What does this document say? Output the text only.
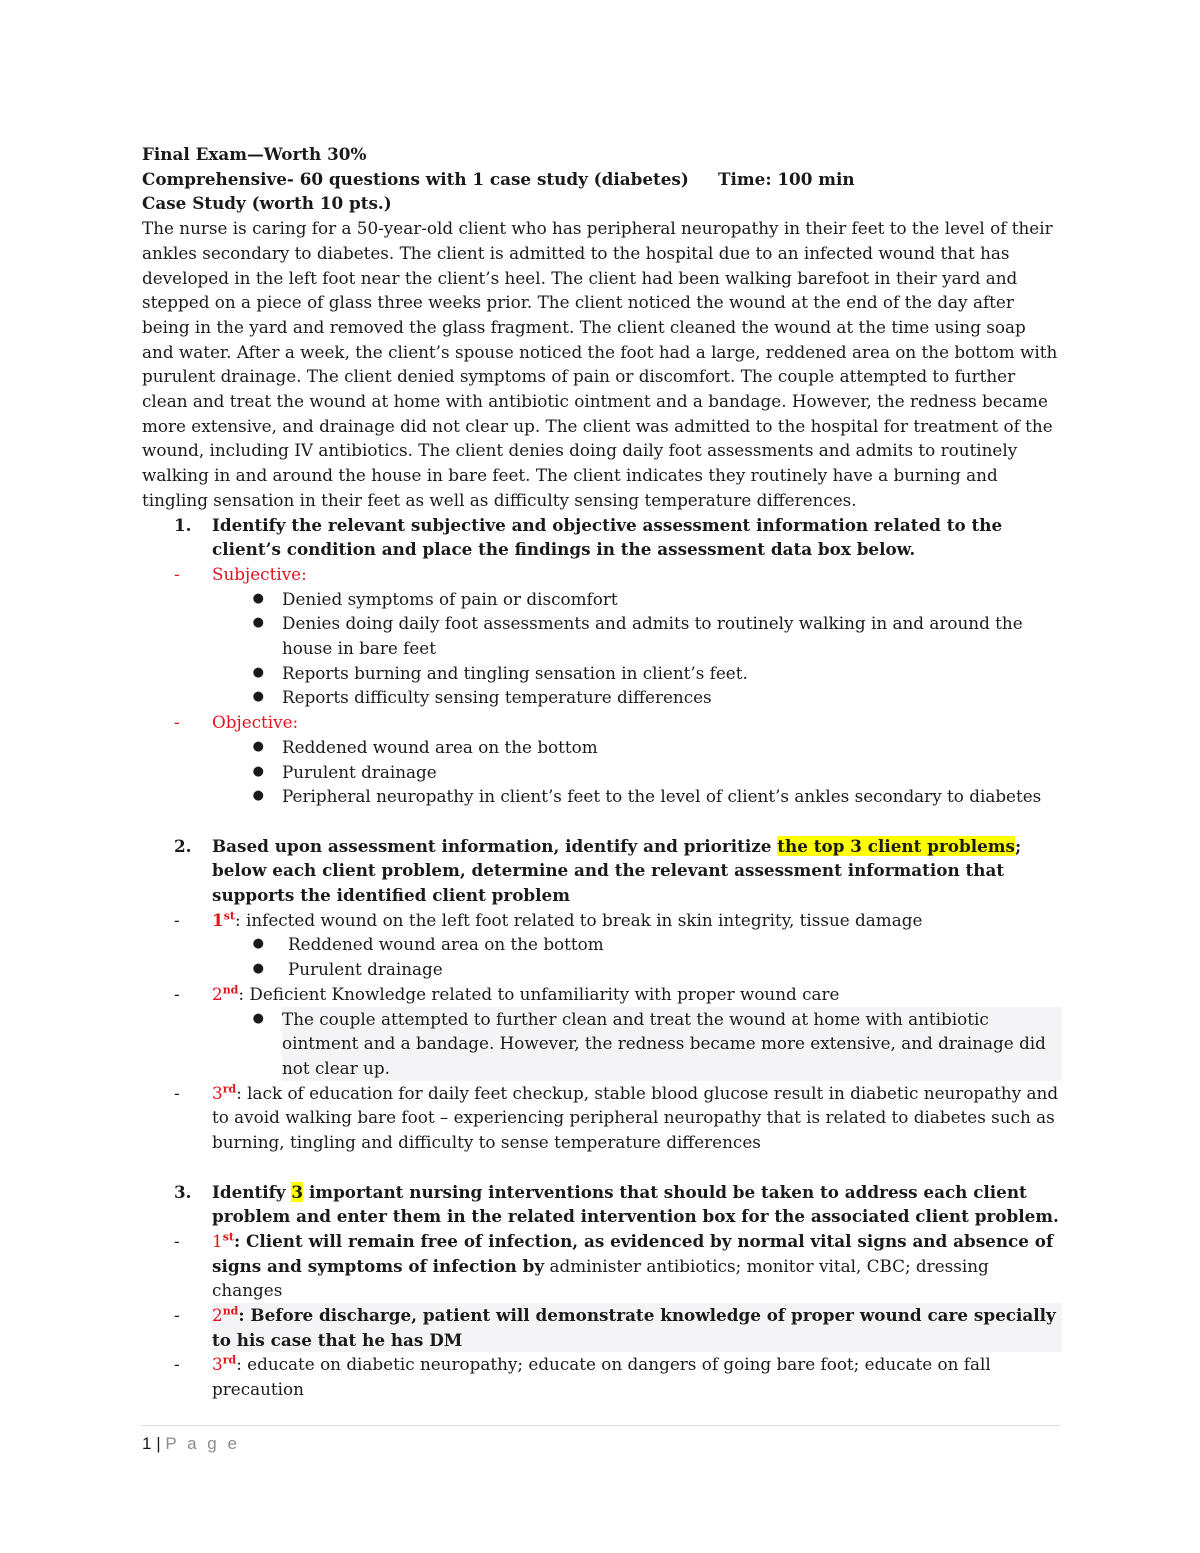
Final Exam—Worth 30%

Comprehensive- 60 questions with 1 case study (diabetes) Time: 100 min

Case Study (worth 10 pts.)

The nurse is caring for a 50-year-old client who has peripheral neuropathy in their feet to the level of their ankles secondary to diabetes. The client is admitted to the hospital due to an infected wound that has developed in the left foot near the client’s heel. The client had been walking barefoot in their yard and stepped on a piece of glass three weeks prior. The client noticed the wound at the end of the day after being in the yard and removed the glass fragment. The client cleaned the wound at the time using soap and water. After a week, the client’s spouse noticed the foot had a large, reddened area on the bottom with purulent drainage. The client denied symptoms of pain or discomfort. The couple attempted to further clean and treat the wound at home with antibiotic ointment and a bandage. However, the redness became more extensive, and drainage did not clear up. The client was admitted to the hospital for treatment of the wound, including IV antibiotics. The client denies doing daily foot assessments and admits to routinely walking in and around the house in bare feet. The client indicates they routinely have a burning and tingling sensation in their feet as well as difficulty sensing temperature differences.

1.	Identify the relevant subjective and objective assessment information related to the client’s condition and place the findings in the assessment data box below.
-	Subjective:
●	Denied symptoms of pain or discomfort
●	Denies doing daily foot assessments and admits to routinely walking in and around the house in bare feet
●	Reports burning and tingling sensation in client’s feet.
●	Reports difficulty sensing temperature differences
-	Objective:
●	Reddened wound area on the bottom
●	Purulent drainage
●	Peripheral neuropathy in client’s feet to the level of client’s ankles secondary to diabetes
2.	Based upon assessment information, identify and prioritize the top 3 client problems; below each client problem, determine and the relevant assessment information that supports the identified client problem
-	1st: infected wound on the left foot related to break in skin integrity, tissue damage
●	Reddened wound area on the bottom
●	Purulent drainage
-	2nd: Deficient Knowledge related to unfamiliarity with proper wound care
●	The couple attempted to further clean and treat the wound at home with antibiotic ointment and a bandage. However, the redness became more extensive, and drainage did not clear up.
-	3rd: lack of education for daily feet checkup, stable blood glucose result in diabetic neuropathy and to avoid walking bare foot – experiencing peripheral neuropathy that is related to diabetes such as burning, tingling and difficulty to sense temperature differences
3.	Identify 3 important nursing interventions that should be taken to address each client problem and enter them in the related intervention box for the associated client problem.
-	1st: Client will remain free of infection, as evidenced by normal vital signs and absence of signs and symptoms of infection by administer antibiotics; monitor vital, CBC; dressing changes
-	2nd: Before discharge, patient will demonstrate knowledge of proper wound care specially to his case that he has DM
-	3rd: educate on diabetic neuropathy; educate on dangers of going bare foot; educate on fall precaution
1 | P a g e
